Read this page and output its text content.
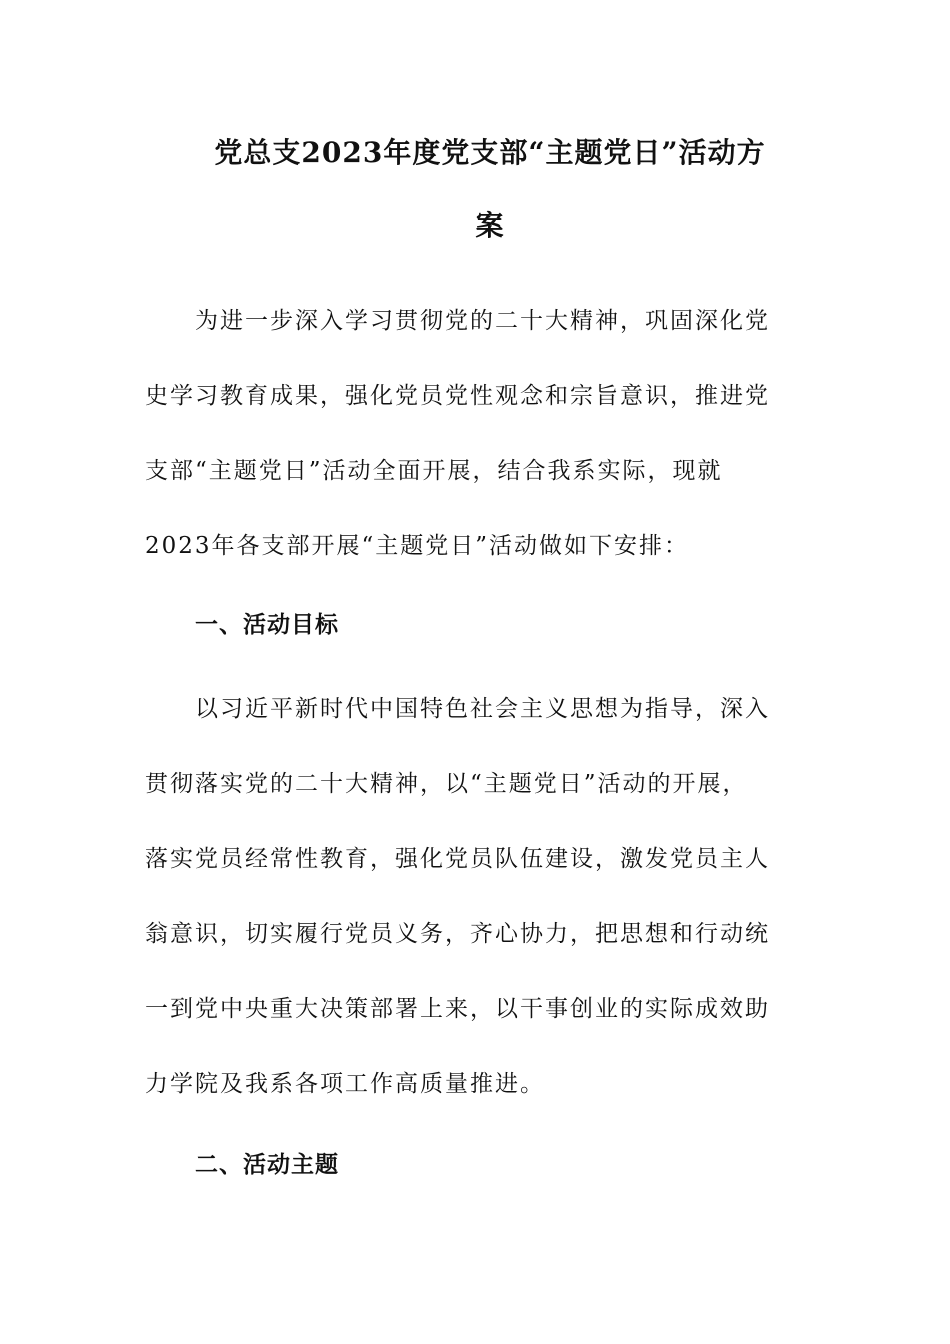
党总支2023年度党支部“主题党日”活动方
案
为进一步深入学习贯彻党的二十大精神，巩固深化党
史学习教育成果，强化党员党性观念和宗旨意识，推进党
支部“主题党日”活动全面开展，结合我系实际，现就
2023年各支部开展“主题党日”活动做如下安排：
一、活动目标
以习近平新时代中国特色社会主义思想为指导，深入
贯彻落实党的二十大精神，以“主题党日”活动的开展，
落实党员经常性教育，强化党员队伍建设，激发党员主人
翁意识，切实履行党员义务，齐心协力，把思想和行动统
一到党中央重大决策部署上来，以干事创业的实际成效助
力学院及我系各项工作高质量推进。
二、活动主题
